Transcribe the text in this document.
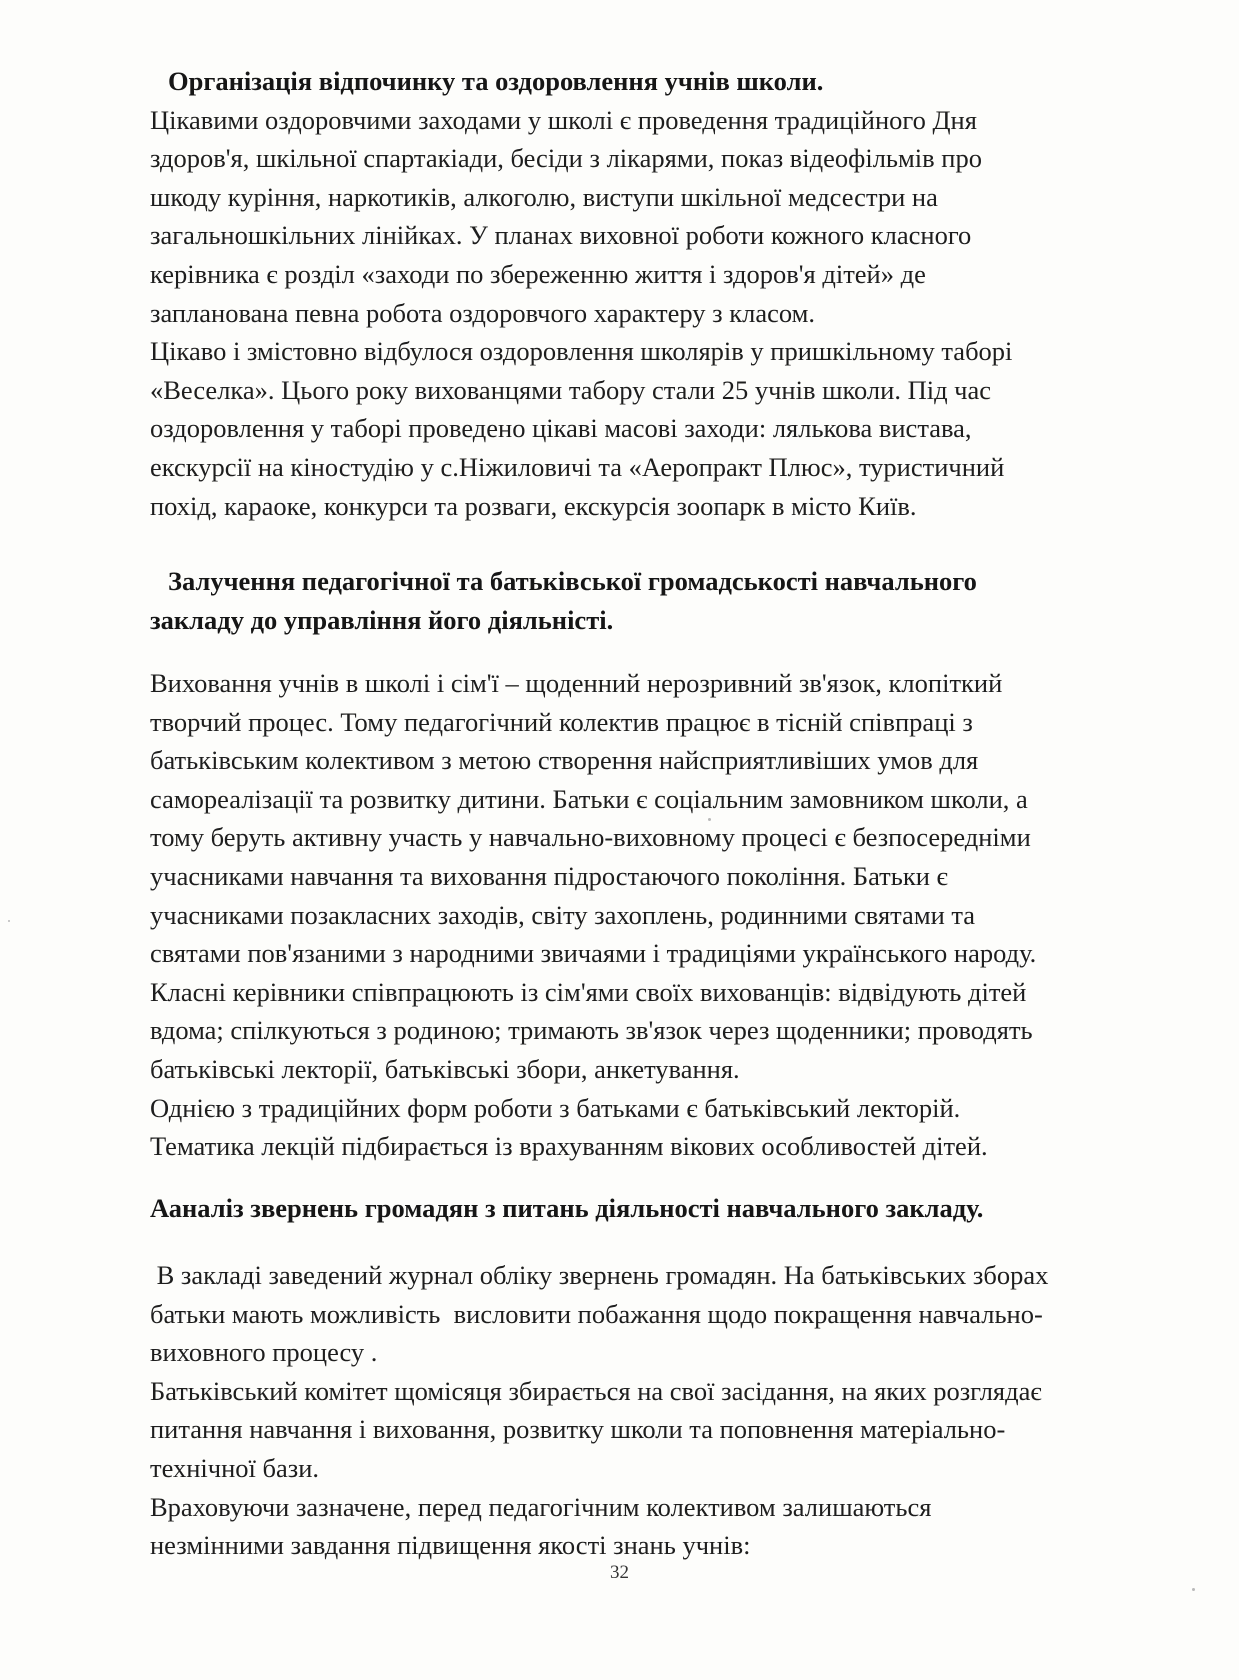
Організація відпочинку та оздоровлення учнів школи.
Цікавими оздоровчими заходами у школі є проведення традиційного Дня
здоров'я, шкільної спартакіади, бесіди з лікарями, показ відеофільмів про
шкоду куріння, наркотиків, алкоголю, виступи шкільної медсестри на
загальношкільних лінійках. У планах виховної роботи кожного класного
керівника є розділ «заходи по збереженню життя і здоров'я дітей» де
запланована певна робота оздоровчого характеру з класом.
Цікаво і змістовно відбулося оздоровлення школярів у пришкільному таборі
«Веселка». Цього року вихованцями табору стали 25 учнів школи. Під час
оздоровлення у таборі проведено цікаві масові заходи: лялькова вистава,
екскурсії на кіностудію у с.Ніжиловичі та «Аеропракт Плюс», туристичний
похід, караоке, конкурси та розваги, екскурсія зоопарк в місто Київ.
Залучення педагогічної та батьківської громадськості навчального
закладу до управління його діяльністі.
Виховання учнів в школі і сім'ї – щоденний нерозривний зв'язок, клопіткий
творчий процес. Тому педагогічний колектив працює в тісній співпраці з
батьківським колективом з метою створення найсприятливіших умов для
самореалізації та розвитку дитини. Батьки є соціальним замовником школи, а
тому беруть активну участь у навчально-виховному процесі є безпосередніми
учасниками навчання та виховання підростаючого покоління. Батьки є
учасниками позакласних заходів, світу захоплень, родинними святами та
святами пов'язаними з народними звичаями і традиціями українського народу.
Класні керівники співпрацюють із сім'ями своїх вихованців: відвідують дітей
вдома; спілкуються з родиною; тримають зв'язок через щоденники; проводять
батьківські лекторії, батьківські збори, анкетування.
Однією з традиційних форм роботи з батьками є батьківський лекторій.
Тематика лекцій підбирається із врахуванням вікових особливостей дітей.
Ааналіз звернень громадян з питань діяльності навчального закладу.
В закладі заведений журнал обліку звернень громадян. На батьківських зборах
батьки мають можливість  висловити побажання щодо покращення навчально-
виховного процесу .
Батьківський комітет щомісяця збирається на свої засідання, на яких розглядає
питання навчання і виховання, розвитку школи та поповнення матеріально-
технічної бази.
Враховуючи зазначене, перед педагогічним колективом залишаються
незмінними завдання підвищення якості знань учнів:
32
